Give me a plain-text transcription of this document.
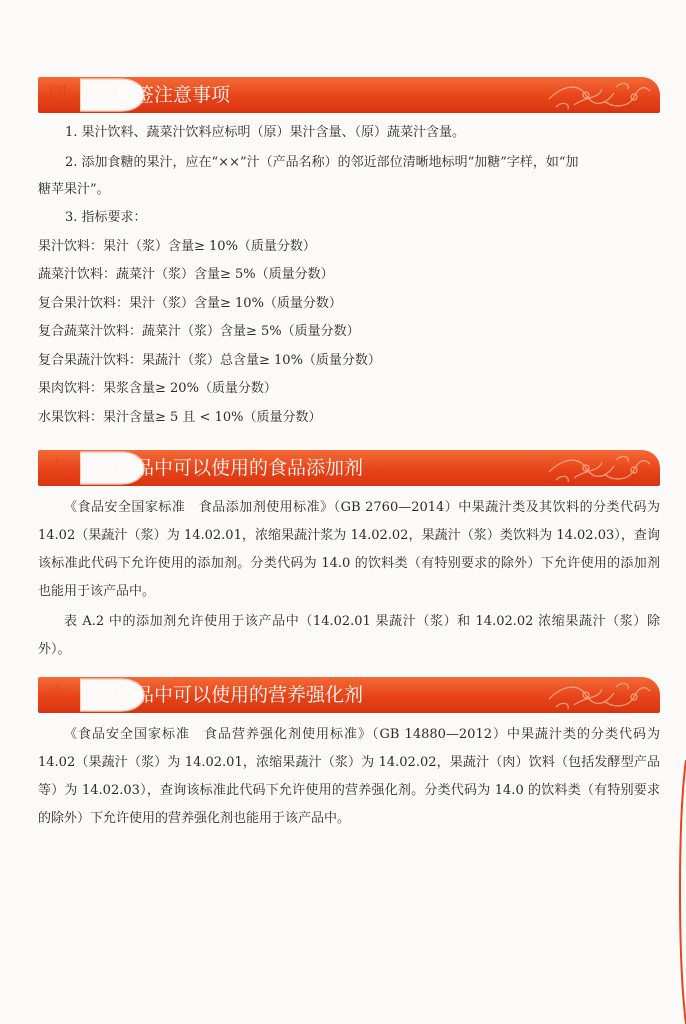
四、	标签注意事项
1. 果汁饮料、蔬菜汁饮料应标明（原）果汁含量、（原）蔬菜汁含量。
2. 添加食糖的果汁，应在“××”汁（产品名称）的邻近部位清晰地标明“加糖”字样，如“加
糖苹果汁”。
3. 指标要求：
果汁饮料：果汁（浆）含量≥ 10%（质量分数）
蔬菜汁饮料：蔬菜汁（浆）含量≥ 5%（质量分数）
复合果汁饮料：果汁（浆）含量≥ 10%（质量分数）
复合蔬菜汁饮料：蔬菜汁（浆）含量≥ 5%（质量分数）
复合果蔬汁饮料：果蔬汁（浆）总含量≥ 10%（质量分数）
果肉饮料：果浆含量≥ 20%（质量分数）
水果饮料：果汁含量≥ 5 且 < 10%（质量分数）
五、	产品中可以使用的食品添加剂
《食品安全国家标准　食品添加剂使用标准》（GB 2760—2014）中果蔬汁类及其饮料的分类代码为 14.02（果蔬汁（浆）为 14.02.01，浓缩果蔬汁浆为 14.02.02，果蔬汁（浆）类饮料为 14.02.03），查询该标准此代码下允许使用的添加剂。分类代码为 14.0 的饮料类（有特别要求的除外）下允许使用的添加剂也能用于该产品中。
表 A.2 中的添加剂允许使用于该产品中（14.02.01 果蔬汁（浆）和 14.02.02 浓缩果蔬汁（浆）除外）。
六、	产品中可以使用的营养强化剂
《食品安全国家标准　食品营养强化剂使用标准》（GB 14880—2012）中果蔬汁类的分类代码为 14.02（果蔬汁（浆）为 14.02.01，浓缩果蔬汁（浆）为 14.02.02，果蔬汁（肉）饮料（包括发酵型产品等）为 14.02.03），查询该标准此代码下允许使用的营养强化剂。分类代码为 14.0 的饮料类（有特别要求的除外）下允许使用的营养强化剂也能用于该产品中。
